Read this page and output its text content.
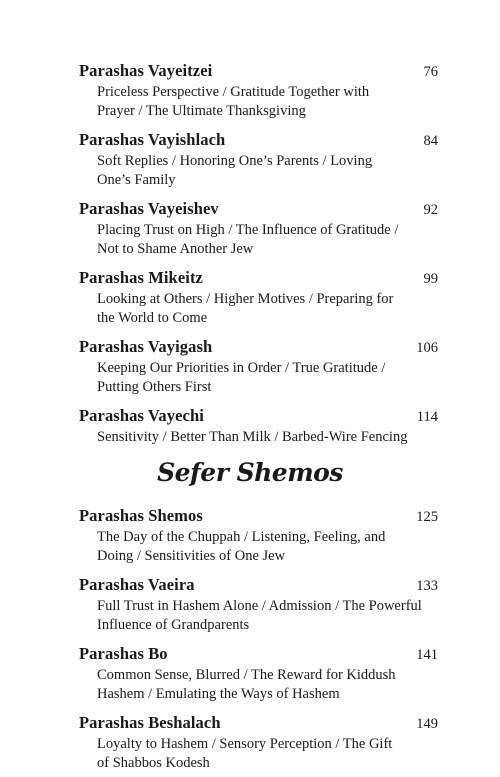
Parashas Vayeitzei	76
Priceless Perspective / Gratitude Together with
Prayer / The Ultimate Thanksgiving
Parashas Vayishlach	84
Soft Replies / Honoring One’s Parents / Loving
One’s Family
Parashas Vayeishev	92
Placing Trust on High / The Influence of Gratitude /
Not to Shame Another Jew
Parashas Mikeitz	99
Looking at Others / Higher Motives / Preparing for
the World to Come
Parashas Vayigash	106
Keeping Our Priorities in Order / True Gratitude /
Putting Others First
Parashas Vayechi	114
Sensitivity / Better Than Milk / Barbed-Wire Fencing
Sefer Shemos
Parashas Shemos	125
The Day of the Chuppah / Listening, Feeling, and
Doing / Sensitivities of One Jew
Parashas Vaeira	133
Full Trust in Hashem Alone / Admission / The Powerful
Influence of Grandparents
Parashas Bo	141
Common Sense, Blurred / The Reward for Kiddush
Hashem / Emulating the Ways of Hashem
Parashas Beshalach	149
Loyalty to Hashem / Sensory Perception / The Gift
of Shabbos Kodesh
